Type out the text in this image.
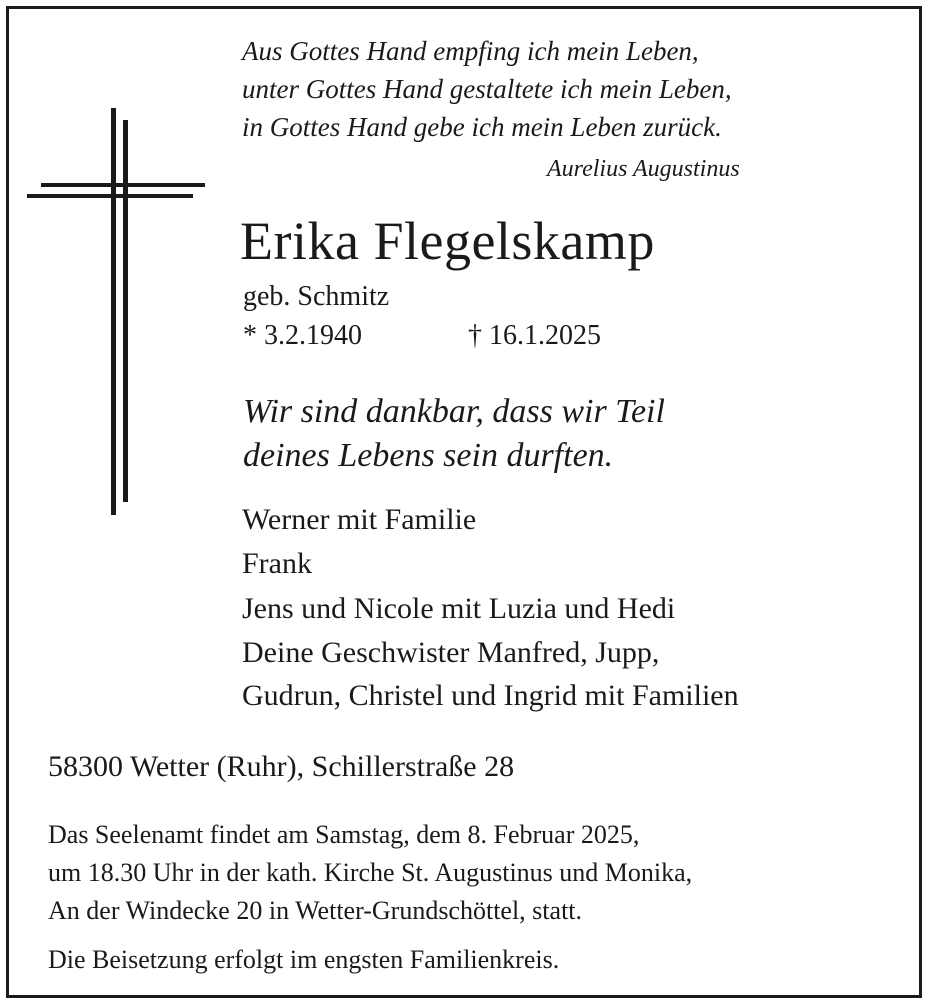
Aus Gottes Hand empfing ich mein Leben,
unter Gottes Hand gestaltete ich mein Leben,
in Gottes Hand gebe ich mein Leben zurück.
Aurelius Augustinus
Erika Flegelskamp
geb. Schmitz
* 3.2.1940	† 16.1.2025
Wir sind dankbar, dass wir Teil
deines Lebens sein durften.
Werner mit Familie
Frank
Jens und Nicole mit Luzia und Hedi
Deine Geschwister Manfred, Jupp,
Gudrun, Christel und Ingrid mit Familien
58300 Wetter (Ruhr), Schillerstraße 28
Das Seelenamt findet am Samstag, dem 8. Februar 2025,
um 18.30 Uhr in der kath. Kirche St. Augustinus und Monika,
An der Windecke 20 in Wetter-Grundschöttel, statt.
Die Beisetzung erfolgt im engsten Familienkreis.
